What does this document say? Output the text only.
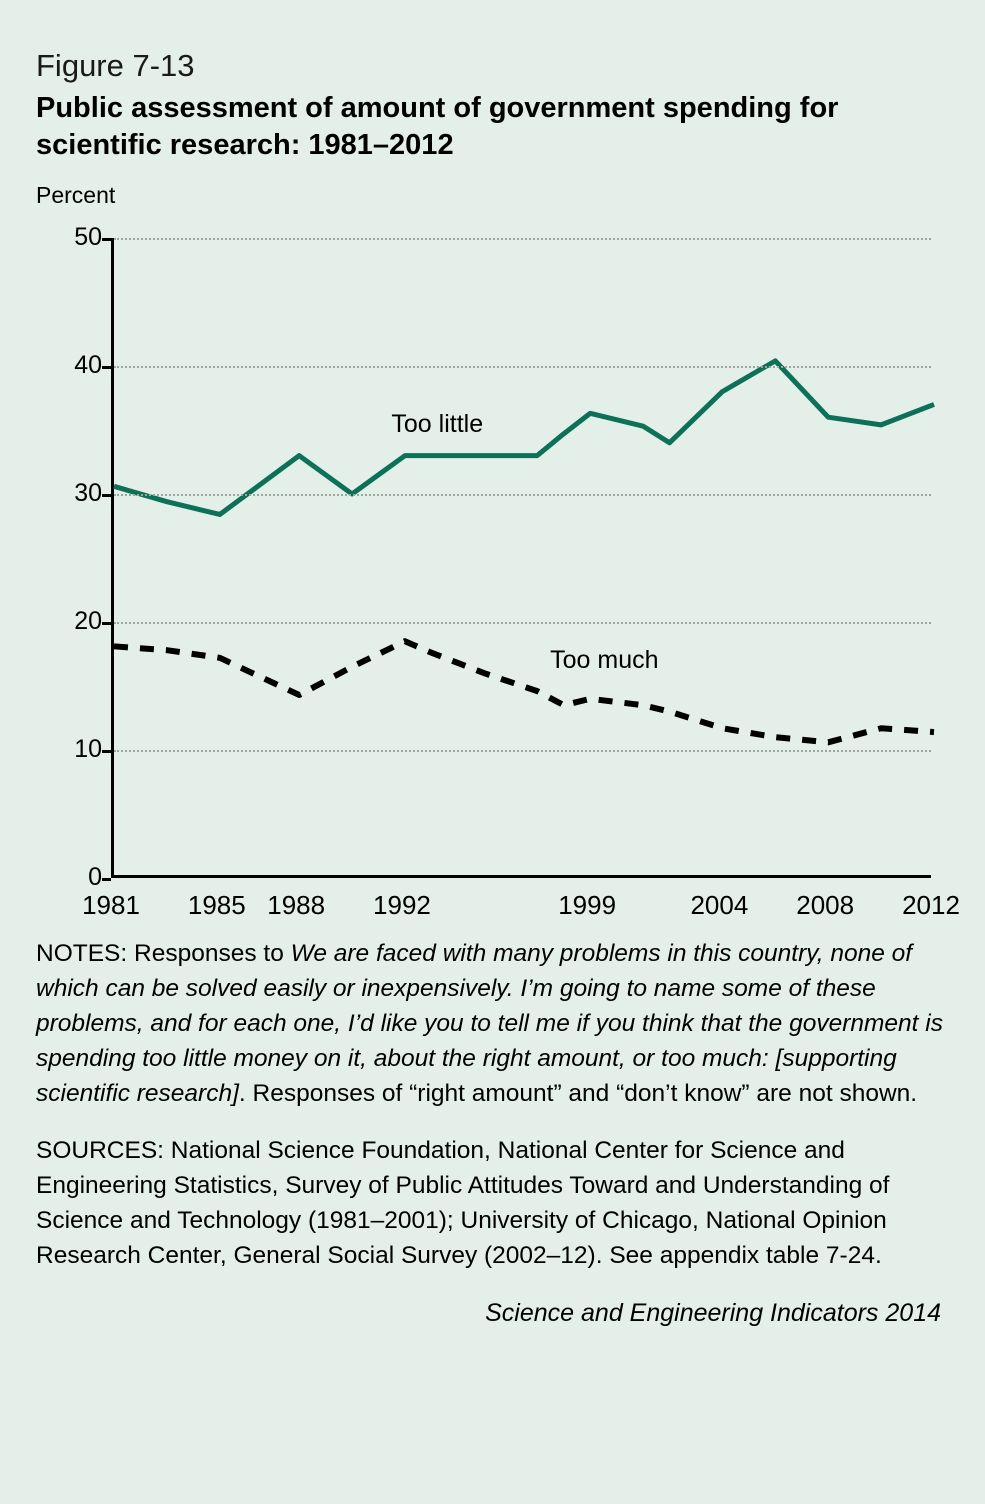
Figure 7-13
Public assessment of amount of government spending for scientific research: 1981–2012
Percent
0
10
20
30
40
50
Too little
Too much
1981 1985 1988 1992	1999	2004 2008 2012
NOTES: Responses to We are faced with many problems in this country, none of which can be solved easily or inexpensively. I’m going to name some of these problems, and for each one, I’d like you to tell me if you think that the government is spending too little money on it, about the right amount, or too much: [supporting scientific research]. Responses of “right amount” and “don’t know” are not shown.
SOURCES: National Science Foundation, National Center for Science and Engineering Statistics, Survey of Public Attitudes Toward and Understanding of Science and Technology (1981–2001); University of Chicago, National Opinion Research Center, General Social Survey (2002–12). See appendix table 7-24.
Science and Engineering Indicators 2014
